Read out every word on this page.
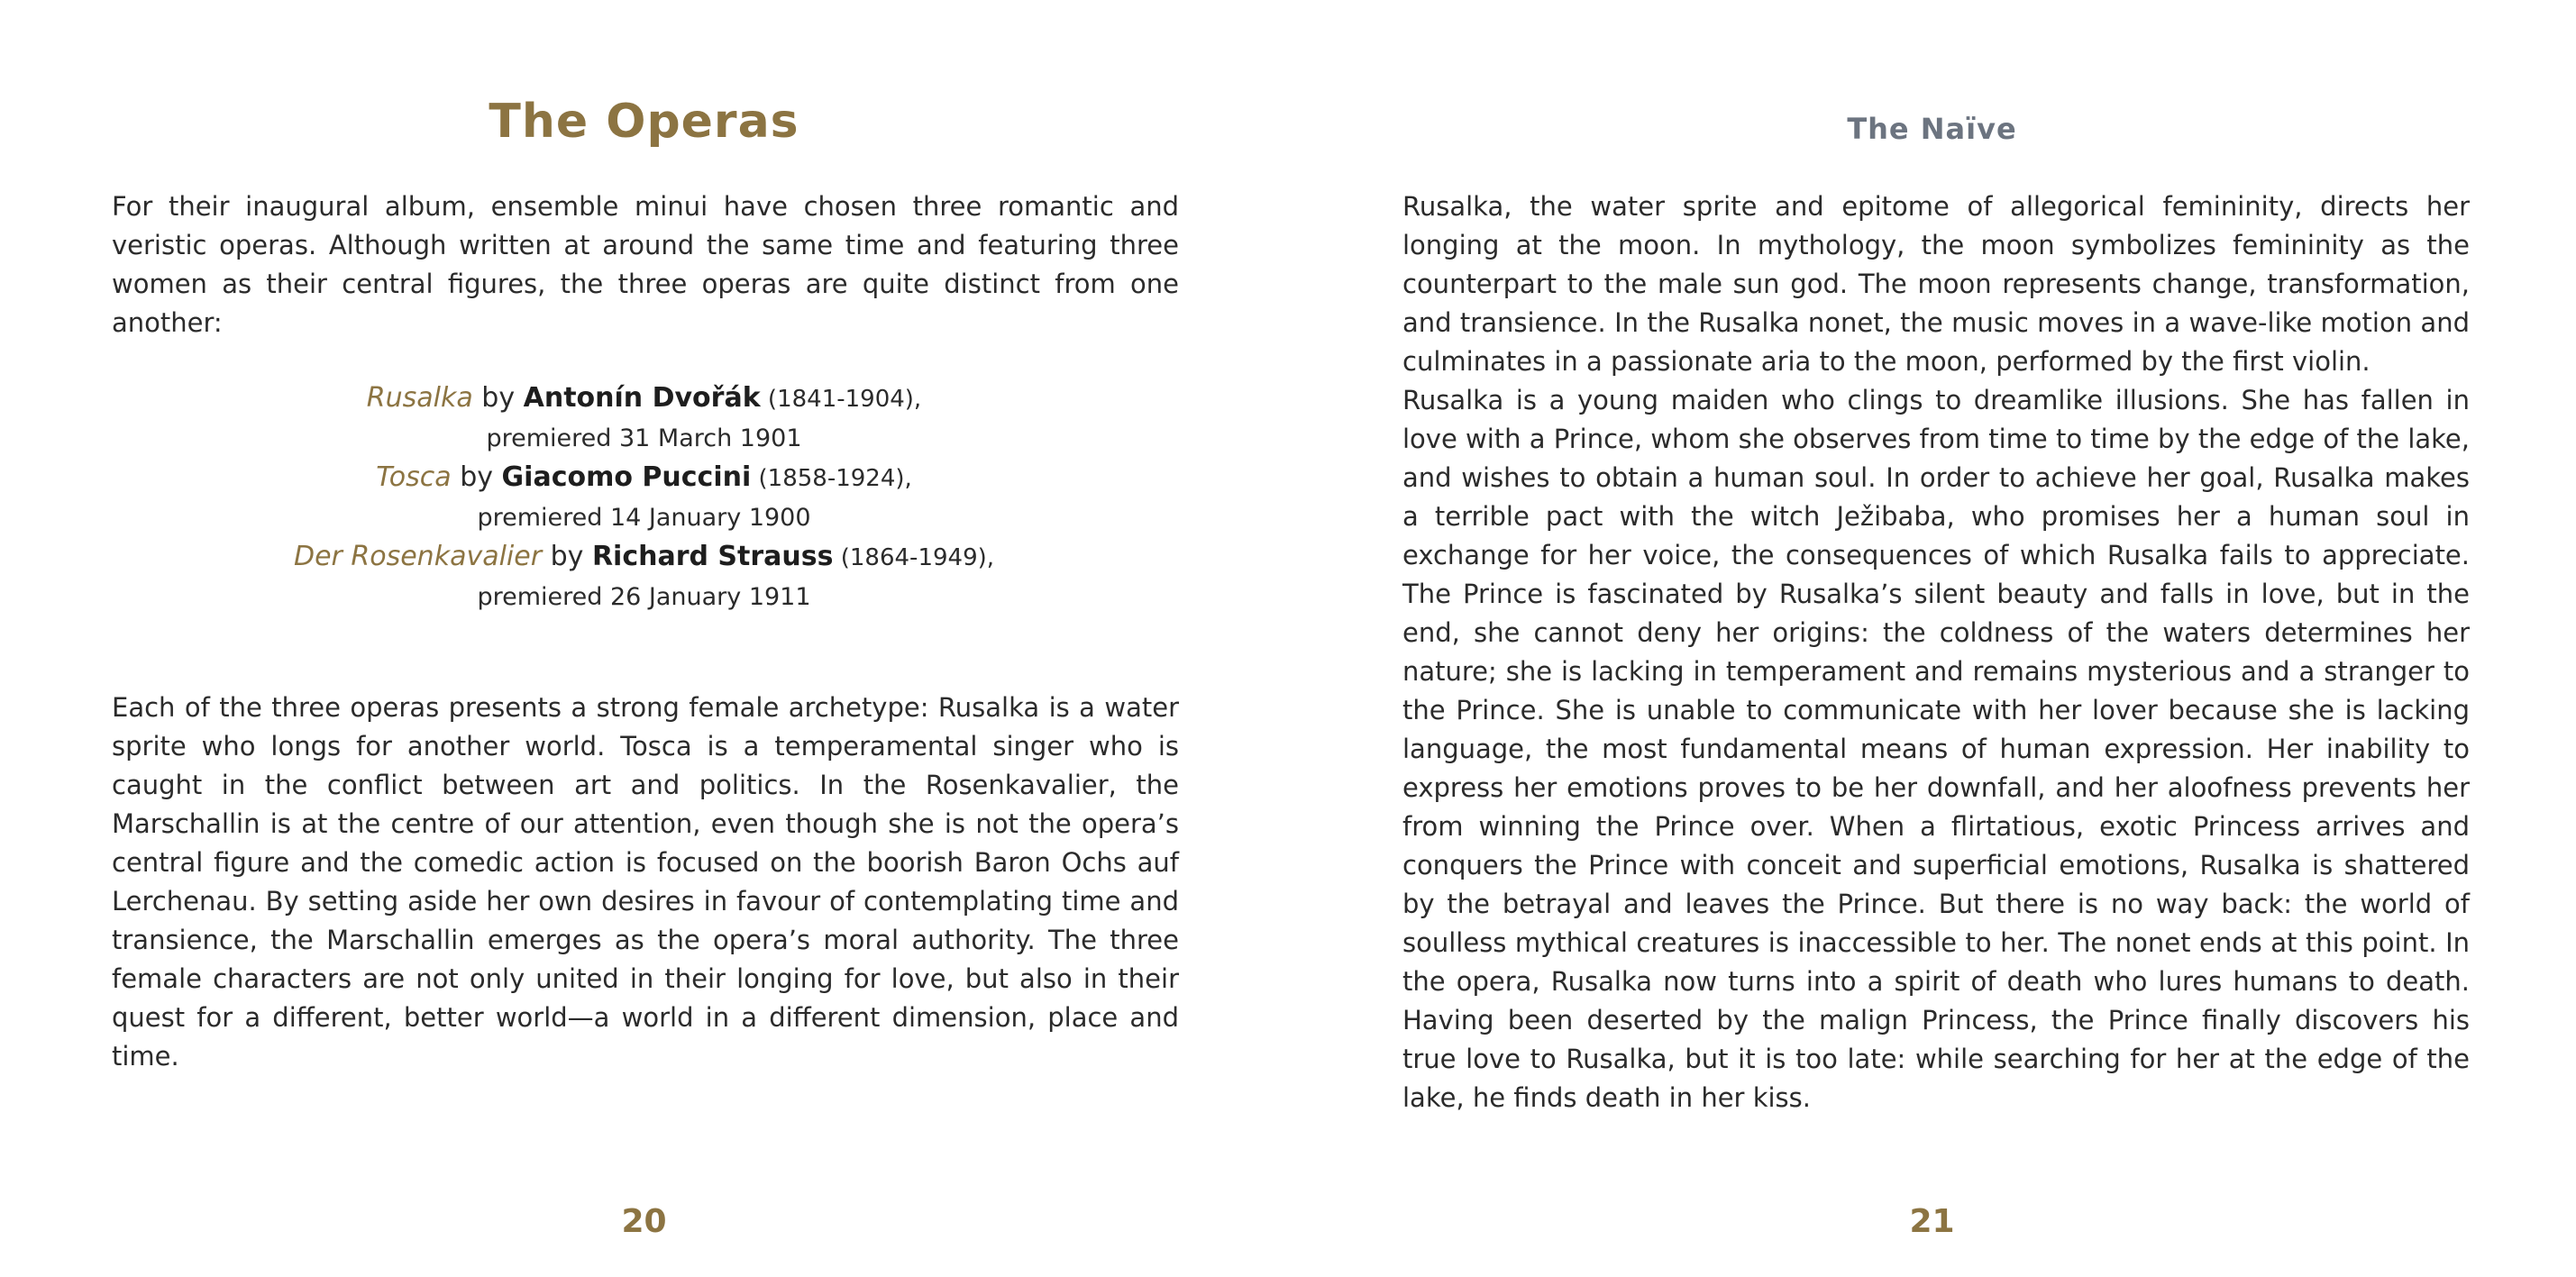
The Operas

For their inaugural album, ensemble minui have chosen three romantic and veristic operas. Although written at around the same time and featuring three women as their central figures, the three operas are quite distinct from one another:

Rusalka by Antonín Dvořák (1841-1904),
premiered 31 March 1901
Tosca by Giacomo Puccini (1858-1924),
premiered 14 January 1900
Der Rosenkavalier by Richard Strauss (1864-1949),
premiered 26 January 1911

Each of the three operas presents a strong female archetype: Rusalka is a water sprite who longs for another world. Tosca is a temperamental singer who is caught in the conflict between art and politics. In the Rosenkavalier, the Marschallin is at the centre of our attention, even though she is not the opera’s central figure and the comedic action is focused on the boorish Baron Ochs auf Lerchenau. By setting aside her own desires in favour of contemplating time and transience, the Marschallin emerges as the opera’s moral authority. The three female characters are not only united in their longing for love, but also in their quest for a different, better world—a world in a different dimension, place and time.

20
The Naïve

Rusalka, the water sprite and epitome of allegorical femininity, directs her longing at the moon. In mythology, the moon symbolizes femininity as the counterpart to the male sun god. The moon represents change, transformation, and transience. In the Rusalka nonet, the music moves in a wave-like motion and culminates in a passionate aria to the moon, performed by the first violin.

Rusalka is a young maiden who clings to dreamlike illusions. She has fallen in love with a Prince, whom she observes from time to time by the edge of the lake, and wishes to obtain a human soul. In order to achieve her goal, Rusalka makes a terrible pact with the witch Ježibaba, who promises her a human soul in exchange for her voice, the consequences of which Rusalka fails to appreciate. The Prince is fascinated by Rusalka’s silent beauty and falls in love, but in the end, she cannot deny her origins: the coldness of the waters determines her nature; she is lacking in temperament and remains mysterious and a stranger to the Prince. She is unable to communicate with her lover because she is lacking language, the most fundamental means of human expression. Her inability to express her emotions proves to be her downfall, and her aloofness prevents her from winning the Prince over. When a flirtatious, exotic Princess arrives and conquers the Prince with conceit and superficial emotions, Rusalka is shattered by the betrayal and leaves the Prince. But there is no way back: the world of soulless mythical creatures is inaccessible to her. The nonet ends at this point. In the opera, Rusalka now turns into a spirit of death who lures humans to death. Having been deserted by the malign Princess, the Prince finally discovers his true love to Rusalka, but it is too late: while searching for her at the edge of the lake, he finds death in her kiss.

21
